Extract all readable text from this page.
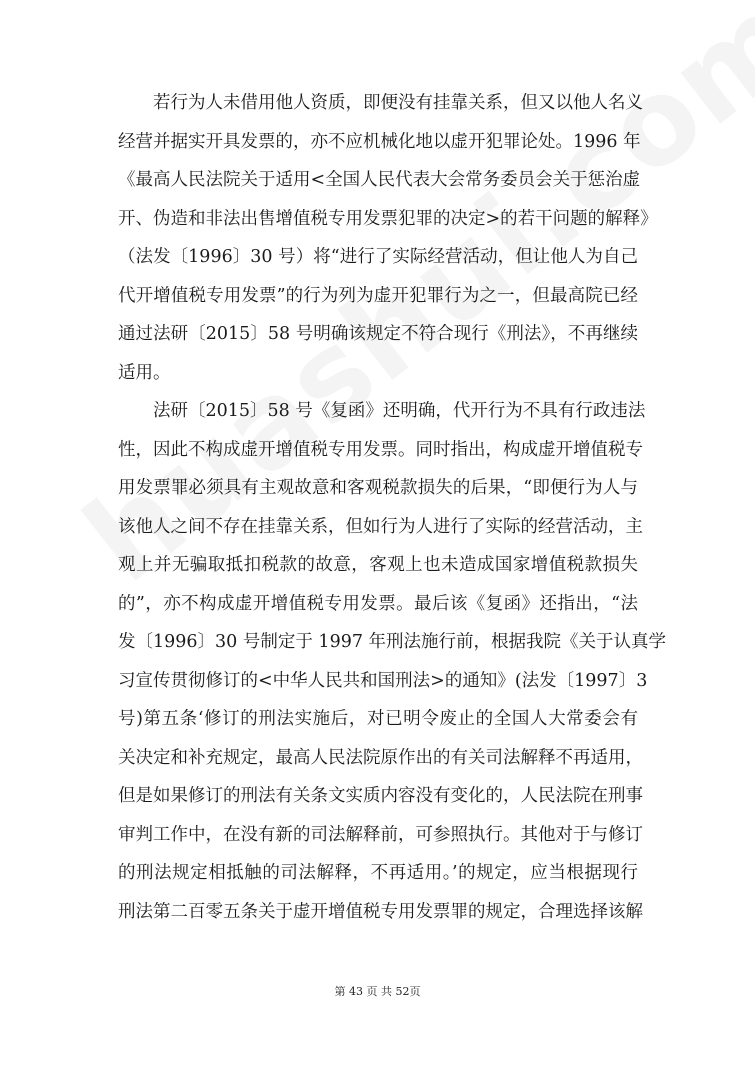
若行为人未借用他人资质，即便没有挂靠关系，但又以他人名义
经营并据实开具发票的，亦不应机械化地以虚开犯罪论处。1996 年
《最高人民法院关于适用<全国人民代表大会常务委员会关于惩治虚
开、伪造和非法出售增值税专用发票犯罪的决定>的若干问题的解释》
（法发〔1996〕30 号）将“进行了实际经营活动，但让他人为自己
代开增值税专用发票”的行为列为虚开犯罪行为之一，但最高院已经
通过法研〔2015〕58 号明确该规定不符合现行《刑法》，不再继续
适用。
法研〔2015〕58 号《复函》还明确，代开行为不具有行政违法
性，因此不构成虚开增值税专用发票。同时指出，构成虚开增值税专
用发票罪必须具有主观故意和客观税款损失的后果，“即便行为人与
该他人之间不存在挂靠关系，但如行为人进行了实际的经营活动，主
观上并无骗取抵扣税款的故意，客观上也未造成国家增值税款损失
的”，亦不构成虚开增值税专用发票。最后该《复函》还指出，“法
发〔1996〕30 号制定于 1997 年刑法施行前，根据我院《关于认真学
习宣传贯彻修订的<中华人民共和国刑法>的通知》(法发〔1997〕3
号)第五条‘修订的刑法实施后，对已明令废止的全国人大常委会有
关决定和补充规定，最高人民法院原作出的有关司法解释不再适用，
但是如果修订的刑法有关条文实质内容没有变化的，人民法院在刑事
审判工作中，在没有新的司法解释前，可参照执行。其他对于与修订
的刑法规定相抵触的司法解释，不再适用。’的规定，应当根据现行
刑法第二百零五条关于虚开增值税专用发票罪的规定，合理选择该解
第 43 页 共 52页
